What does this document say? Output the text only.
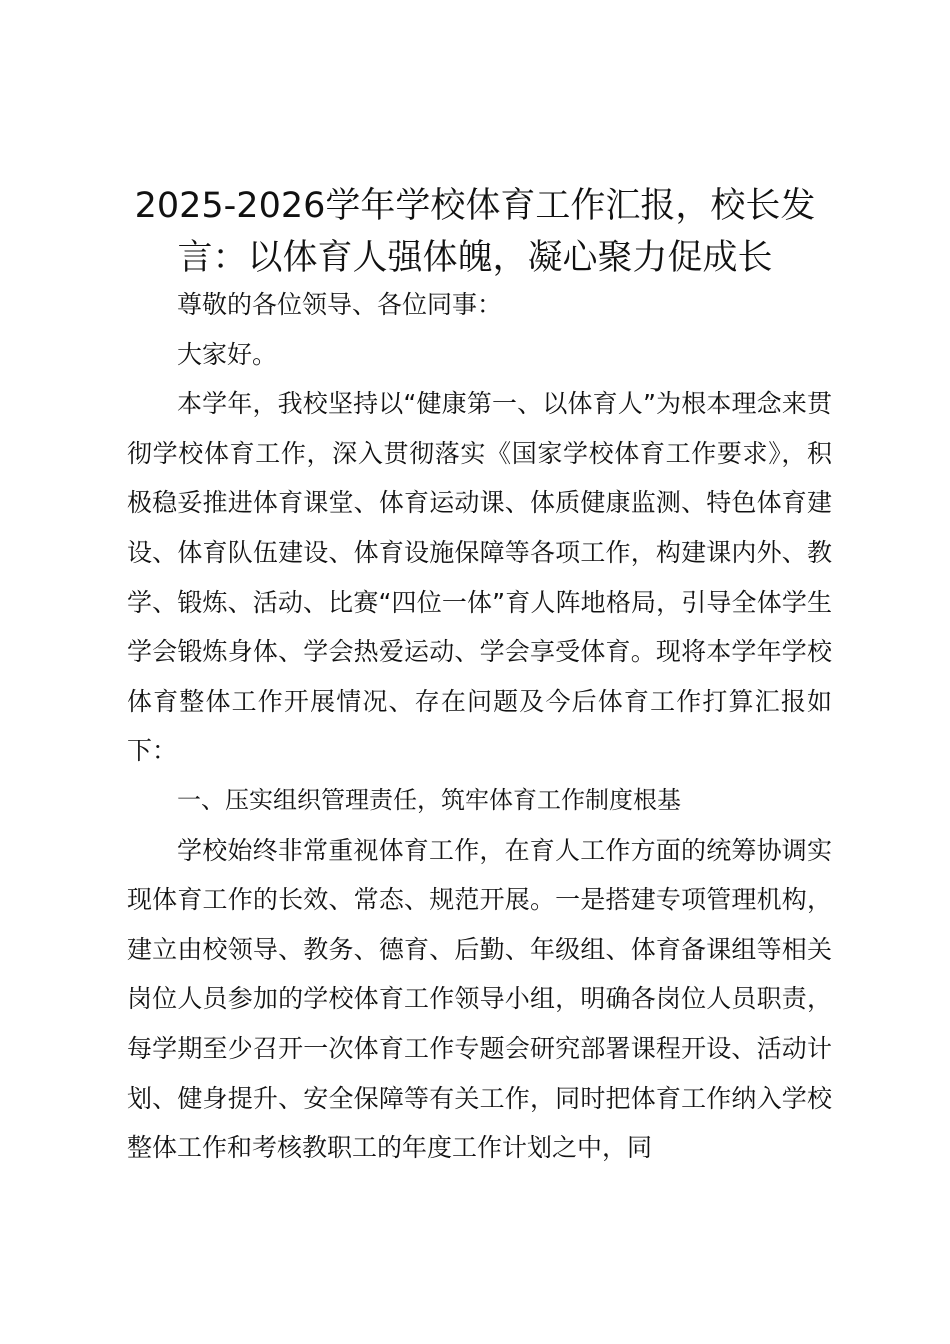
2025-2026学年学校体育工作汇报，校长发言：以体育人强体魄，凝心聚力促成长

尊敬的各位领导、各位同事：

大家好。

本学年，我校坚持以“健康第一、以体育人”为根本理念来贯彻学校体育工作，深入贯彻落实《国家学校体育工作要求》，积极稳妥推进体育课堂、体育运动课、体质健康监测、特色体育建设、体育队伍建设、体育设施保障等各项工作，构建课内外、教学、锻炼、活动、比赛“四位一体”育人阵地格局，引导全体学生学会锻炼身体、学会热爱运动、学会享受体育。现将本学年学校体育整体工作开展情况、存在问题及今后体育工作打算汇报如下：

一、压实组织管理责任，筑牢体育工作制度根基

学校始终非常重视体育工作，在育人工作方面的统筹协调实现体育工作的长效、常态、规范开展。一是搭建专项管理机构，建立由校领导、教务、德育、后勤、年级组、体育备课组等相关岗位人员参加的学校体育工作领导小组，明确各岗位人员职责，每学期至少召开一次体育工作专题会研究部署课程开设、活动计划、健身提升、安全保障等有关工作，同时把体育工作纳入学校整体工作和考核教职工的年度工作计划之中，同
